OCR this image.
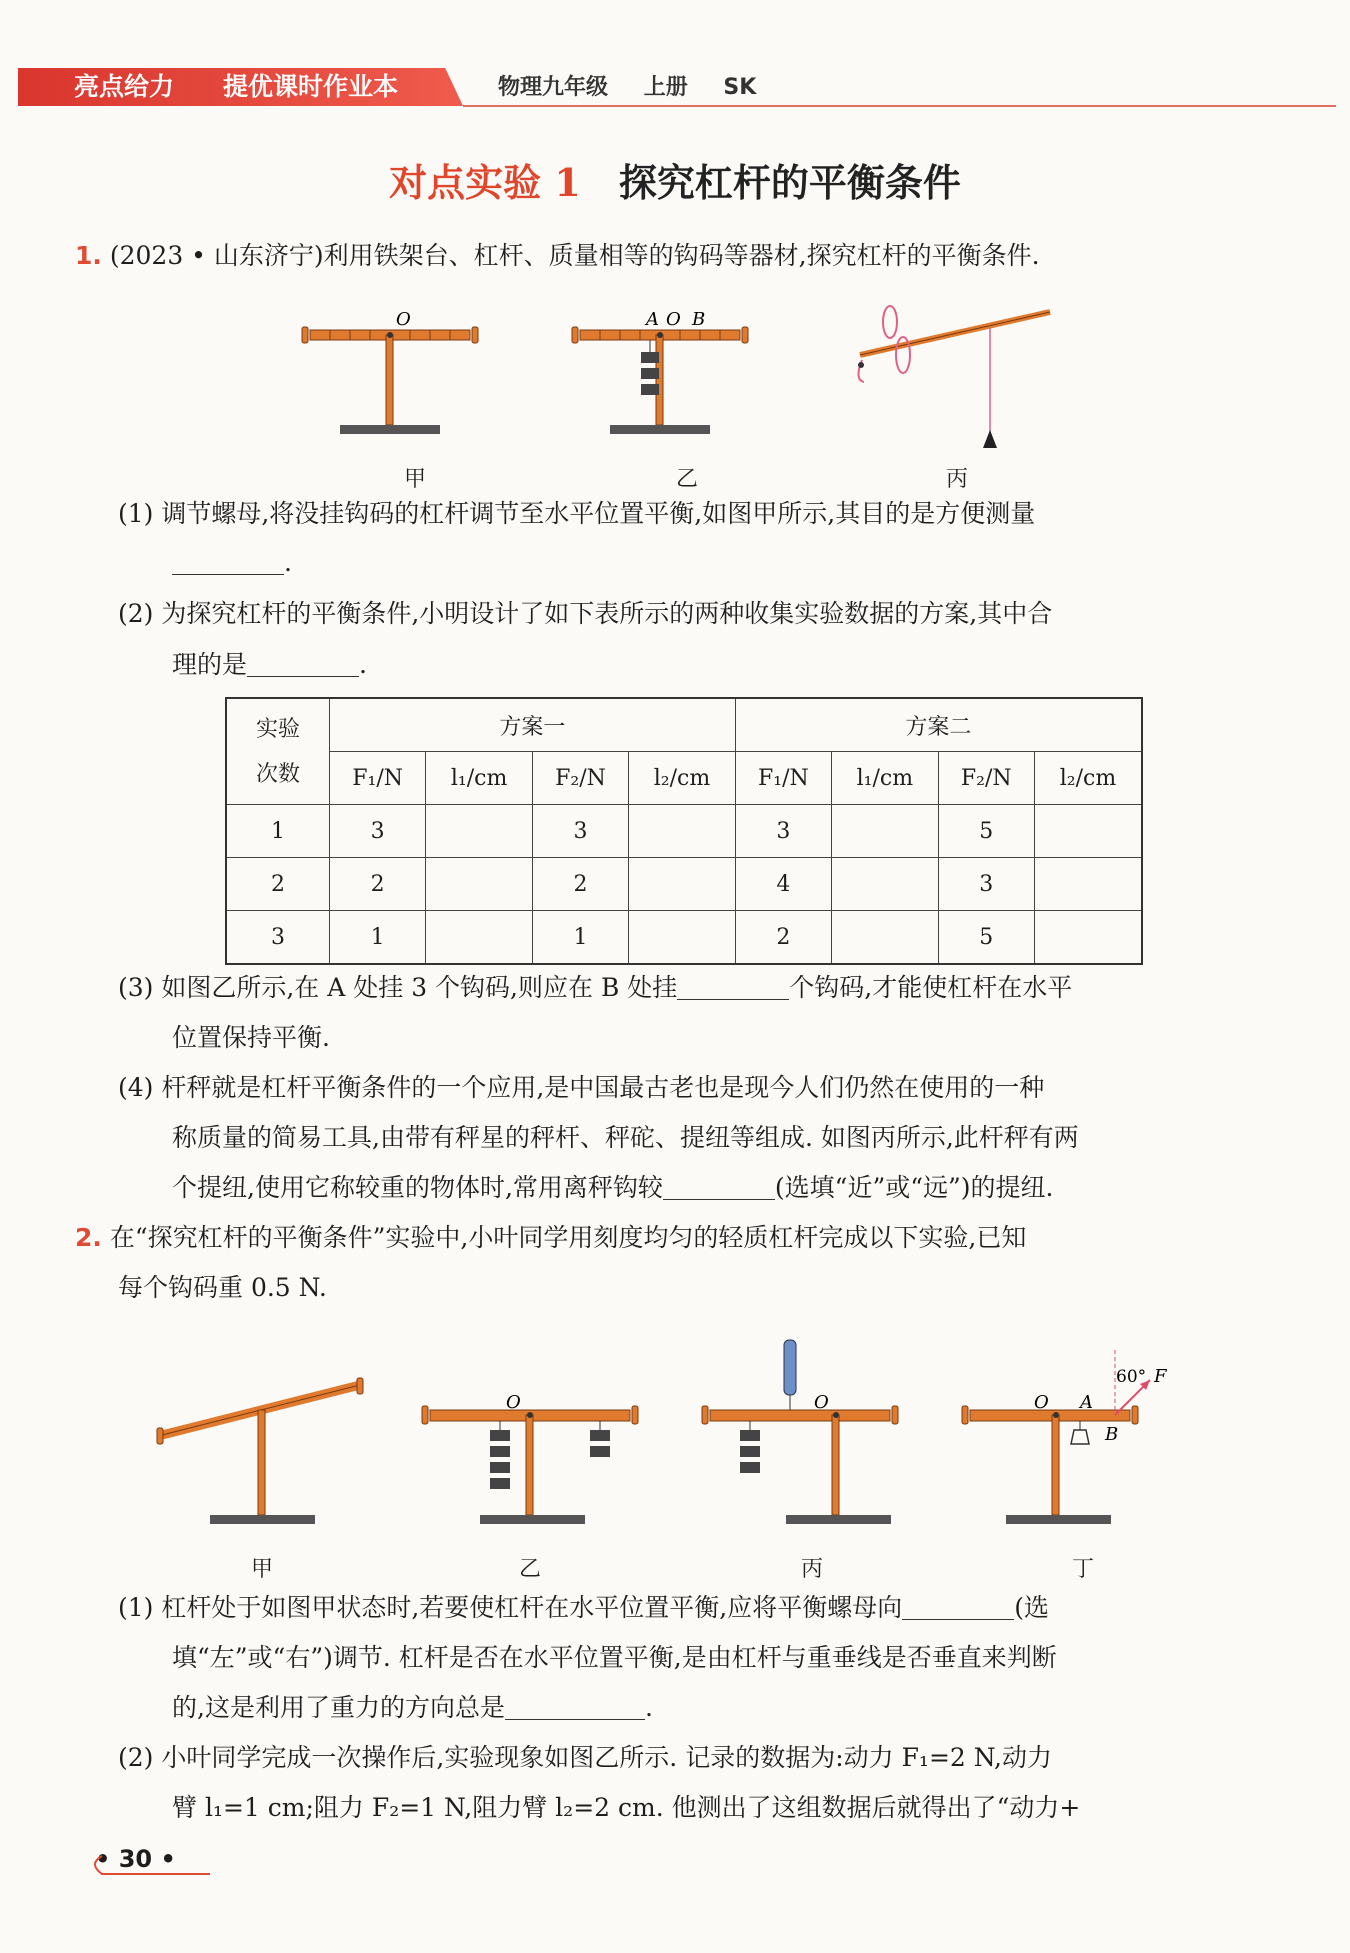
亮点给力 提优课时作业本	物理九年级 上册 SK
对点实验 1 探究杠杆的平衡条件
1. (2023 • 山东济宁)利用铁架台、杠杆、质量相等的钩码等器材,探究杠杆的平衡条件.
O	A O B
甲	乙	丙
(1) 调节螺母,将没挂钩码的杠杆调节至水平位置平衡,如图甲所示,其目的是方便测量
.
(2) 为探究杠杆的平衡条件,小明设计了如下表所示的两种收集实验数据的方案,其中合
理的是	.
实验
次数	方案一				方案二			
	F₁/N	l₁/cm	F₂/N	l₂/cm	F₁/N	l₁/cm	F₂/N	l₂/cm
1	3		3		3		5	
2	2		2		4		3	
3	1		1		2		5	
(3) 如图乙所示,在 A 处挂 3 个钩码,则应在 B 处挂	个钩码,才能使杠杆在水平
位置保持平衡.
(4) 杆秤就是杠杆平衡条件的一个应用,是中国最古老也是现今人们仍然在使用的一种
称质量的简易工具,由带有秤星的秤杆、秤砣、提纽等组成. 如图丙所示,此杆秤有两
个提纽,使用它称较重的物体时,常用离秤钩较	(选填“近”或“远”)的提纽.
2. 在“探究杠杆的平衡条件”实验中,小叶同学用刻度均匀的轻质杠杆完成以下实验,已知
每个钩码重 0.5 N.
O	O	O A
B
60° F
甲	乙	丙	丁
(1) 杠杆处于如图甲状态时,若要使杠杆在水平位置平衡,应将平衡螺母向	(选
填“左”或“右”)调节. 杠杆是否在水平位置平衡,是由杠杆与重垂线是否垂直来判断
的,这是利用了重力的方向总是	.
(2) 小叶同学完成一次操作后,实验现象如图乙所示. 记录的数据为:动力 F₁=2 N,动力
臂 l₁=1 cm;阻力 F₂=1 N,阻力臂 l₂=2 cm. 他测出了这组数据后就得出了“动力+
• 30 •
